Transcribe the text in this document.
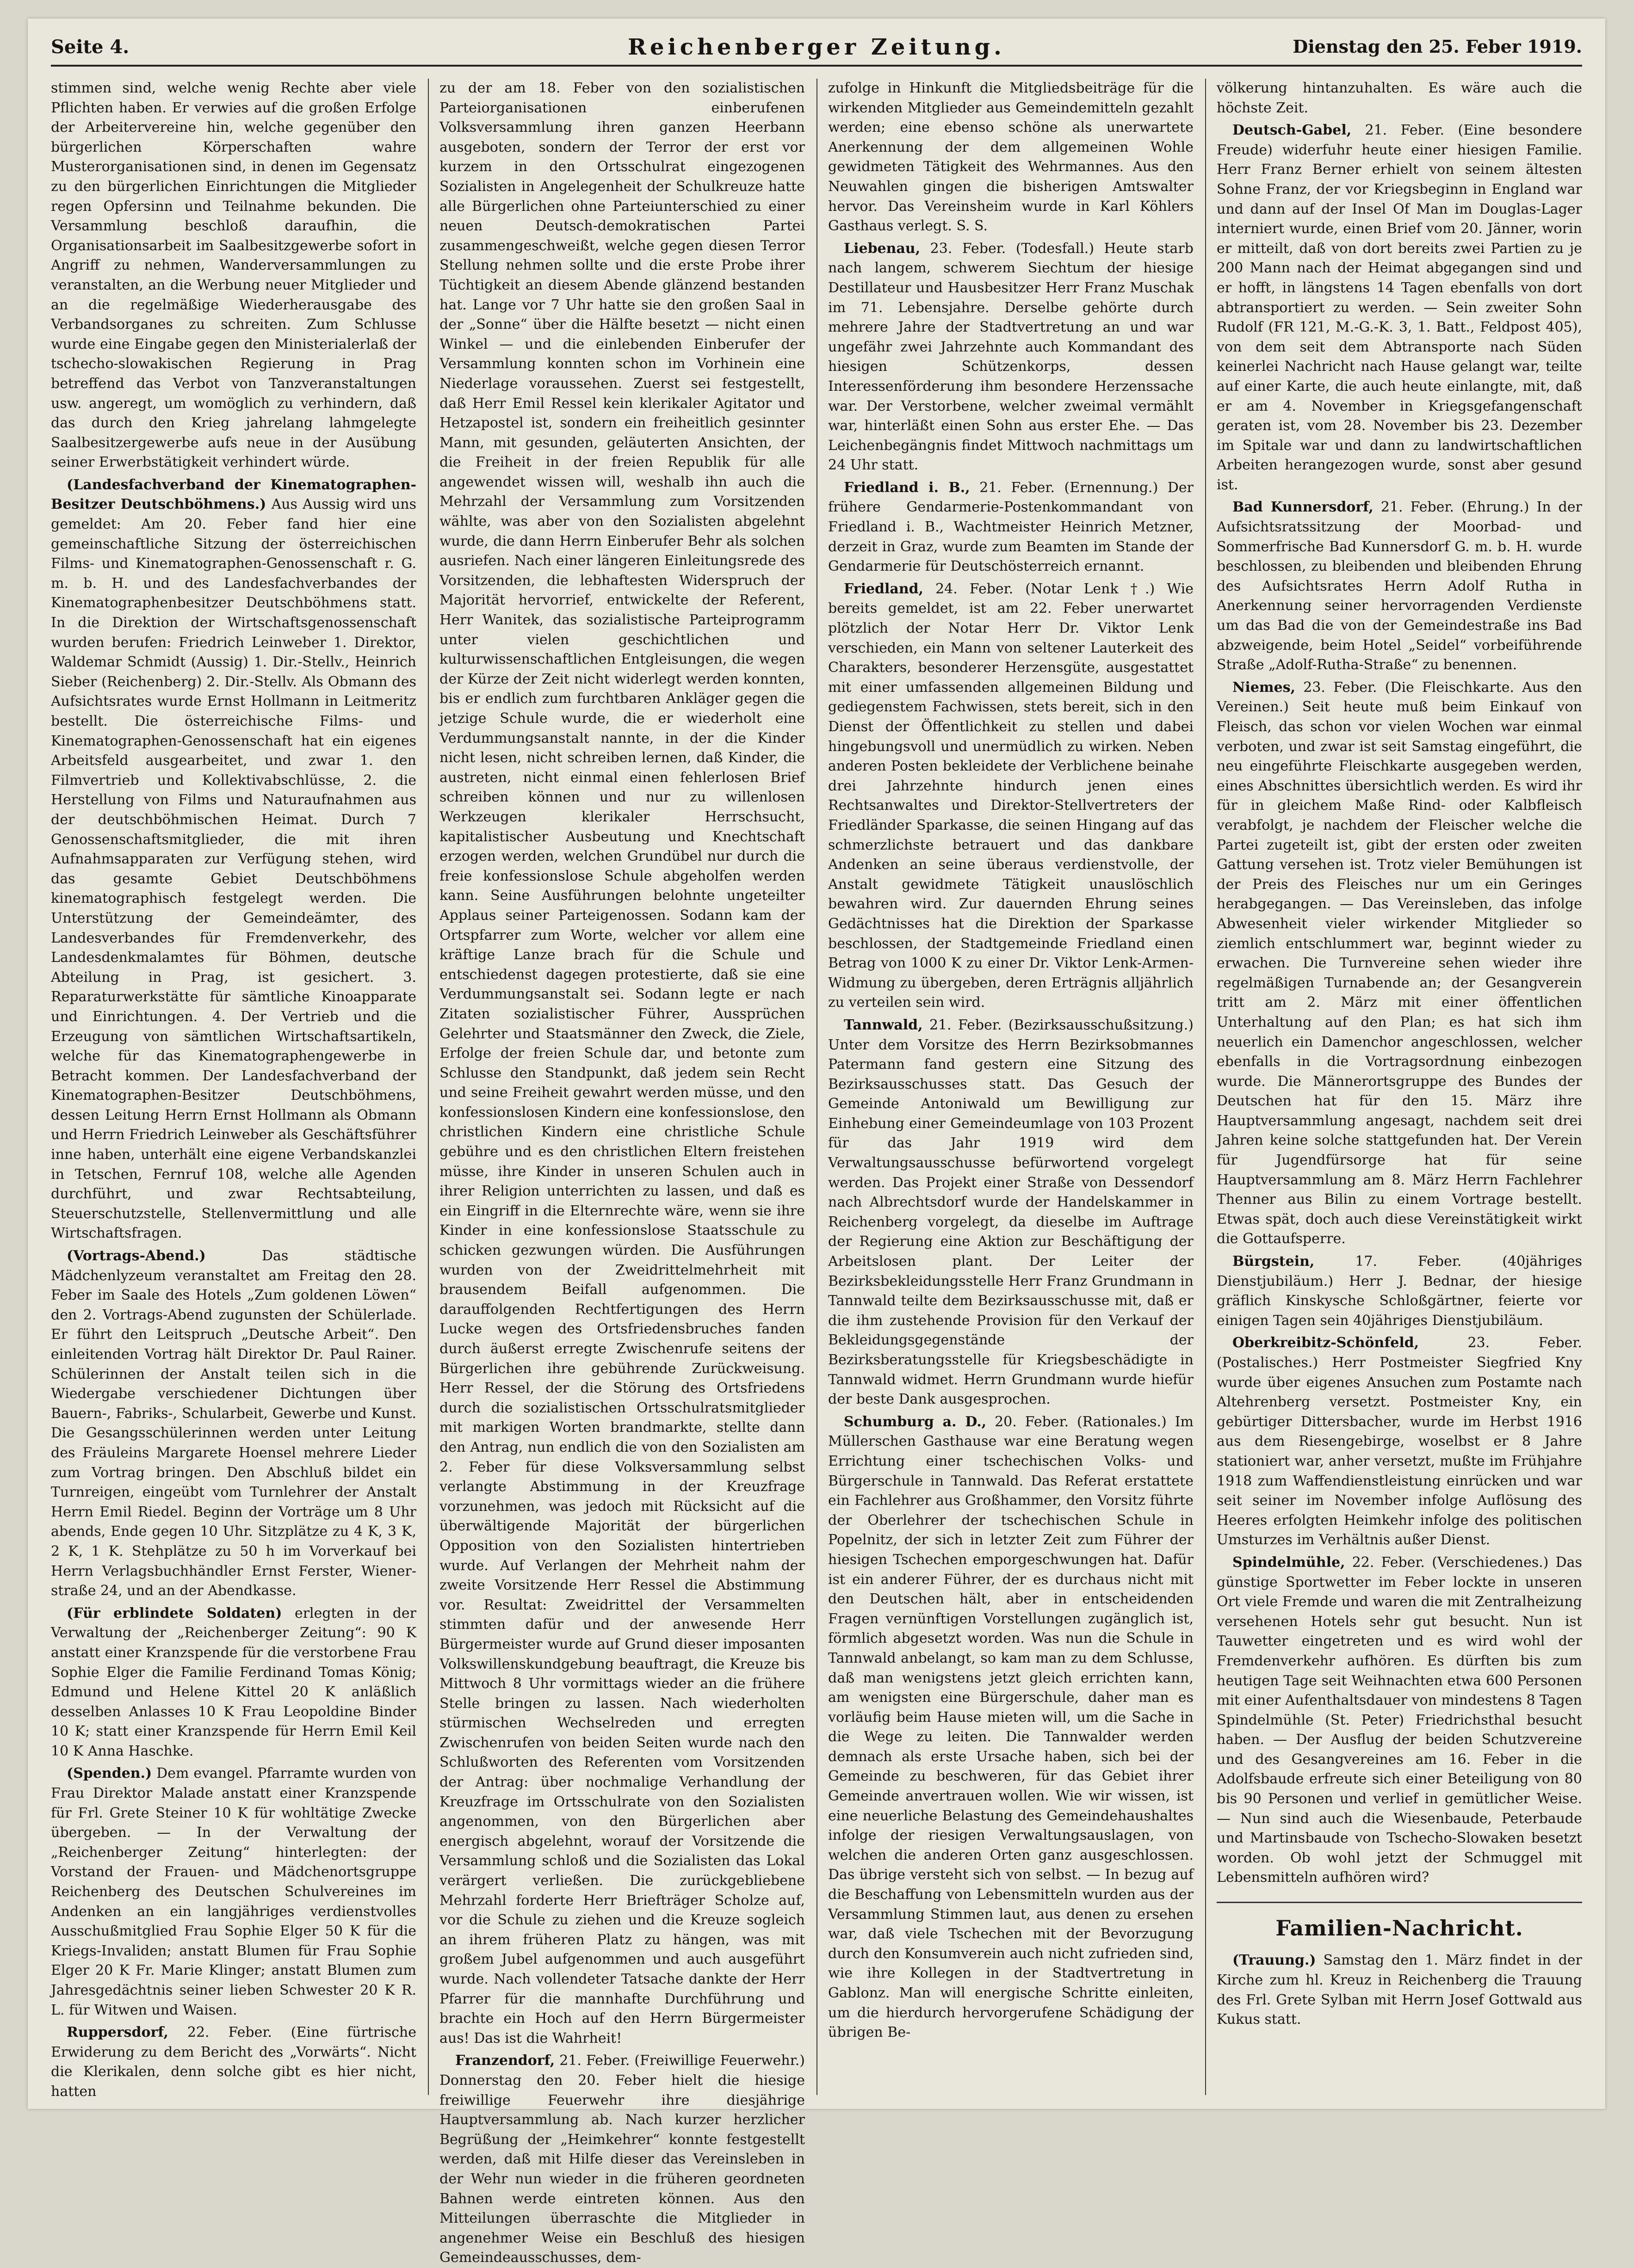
Seite 4.	Reichenberger Zeitung.	Dienstag den 25. Feber 1919.

stimmen sind, welche wenig Rechte aber viele Pflichten haben. Er verwies auf die großen Erfolge der Arbeitervereine hin, welche gegenüber den bürgerlichen Körperschaften wahre Musterorganisationen sind, in denen im Gegensatz zu den bürgerlichen Einrichtungen die Mitglieder regen Opfersinn und Teilnahme bekunden. Die Versammlung beschloß daraufhin, die Organisationsarbeit im Saalbesitzgewerbe sofort in Angriff zu nehmen, Wanderversammlungen zu veranstalten, an die Werbung neuer Mitglieder und an die regelmäßige Wiederherausgabe des Verbandsorganes zu schreiten. Zum Schlusse wurde eine Eingabe gegen den Ministerialerlaß der tschecho-slowakischen Regierung in Prag betreffend das Verbot von Tanzveranstaltungen usw. angeregt, um womöglich zu verhindern, daß das durch den Krieg jahrelang lahmgelegte Saalbesitzergewerbe aufs neue in der Ausübung seiner Erwerbstätigkeit verhindert würde.

(Landesfachverband der Kinematographen-Besitzer Deutschböhmens.) Aus Aussig wird uns gemeldet: Am 20. Feber fand hier eine gemeinschaftliche Sitzung der österreichischen Films- und Kinematographen-Genossenschaft r. G. m. b. H. und des Landesfachverbandes der Kinematographenbesitzer Deutschböhmens statt. In die Direktion der Wirtschaftsgenossenschaft wurden berufen: Friedrich Leinweber 1. Direktor, Waldemar Schmidt (Aussig) 1. Dir.-Stellv., Heinrich Sieber (Reichenberg) 2. Dir.-Stellv. Als Obmann des Aufsichtsrates wurde Ernst Hollmann in Leitmeritz bestellt. Die österreichische Films- und Kinematographen-Genossenschaft hat ein eigenes Arbeitsfeld ausgearbeitet, und zwar 1. den Filmvertrieb und Kollektivabschlüsse, 2. die Herstellung von Films und Naturaufnahmen aus der deutschböhmischen Heimat. Durch 7 Genossenschaftsmitglieder, die mit ihren Aufnahmsapparaten zur Verfügung stehen, wird das gesamte Gebiet Deutschböhmens kinematographisch festgelegt werden. Die Unterstützung der Gemeindeämter, des Landesverbandes für Fremdenverkehr, des Landesdenkmalamtes für Böhmen, deutsche Abteilung in Prag, ist gesichert. 3. Reparaturwerkstätte für sämtliche Kinoapparate und Einrichtungen. 4. Der Vertrieb und die Erzeugung von sämtlichen Wirtschaftsartikeln, welche für das Kinematographengewerbe in Betracht kommen. Der Landesfachverband der Kinematographen-Besitzer Deutschböhmens, dessen Leitung Herrn Ernst Hollmann als Obmann und Herrn Friedrich Leinweber als Geschäftsführer inne haben, unterhält eine eigene Verbandskanzlei in Tetschen, Fernruf 108, welche alle Agenden durchführt, und zwar Rechtsabteilung, Steuerschutzstelle, Stellenvermittlung und alle Wirtschaftsfragen.

(Vortrags-Abend.)	Das städtische Mädchenlyzeum veranstaltet am Freitag den 28. Feber im Saale des Hotels „Zum goldenen Löwen“ den 2. Vortrags-Abend zugunsten der Schülerlade. Er führt den Leitspruch „Deutsche Arbeit“. Den einleitenden Vortrag hält Direktor Dr. Paul Rainer. Schülerinnen der Anstalt teilen sich in die Wiedergabe verschiedener Dichtungen über Bauern-, Fabriks-, Schularbeit, Gewerbe und Kunst. Die Gesangsschülerinnen werden unter Leitung des Fräuleins Margarete Hoensel mehrere Lieder zum Vortrag bringen. Den Abschluß bildet ein Turnreigen, eingeübt vom Turnlehrer der Anstalt Herrn Emil Riedel. Beginn der Vorträge um 8 Uhr abends, Ende gegen 10 Uhr. Sitzplätze zu 4 K, 3 K, 2 K, 1 K. Stehplätze zu 50 h im Vorverkauf bei Herrn Verlagsbuchhändler Ernst Ferster, Wienerstraße 24, und an der Abendkasse.

(Für erblindete Soldaten) erlegten in der Verwaltung der „Reichenberger Zeitung“: 90 K anstatt einer Kranzspende für die verstorbene Frau Sophie Elger die Familie Ferdinand Tomas König; Edmund und Helene Kittel 20 K anläßlich desselben Anlasses 10 K Frau Leopoldine Binder 10 K; statt einer Kranzspende für Herrn Emil Keil 10 K Anna Haschke.

(Spenden.) Dem evangel. Pfarramte wurden von Frau Direktor Malade anstatt einer Kranzspende für Frl. Grete Steiner 10 K für wohltätige Zwecke übergeben. — In der Verwaltung der „Reichenberger Zeitung“ hinterlegten: der Vorstand der Frauen- und Mädchenortsgruppe Reichenberg des Deutschen Schulvereines im Andenken an ein langjähriges verdienstvolles Ausschußmitglied Frau Sophie Elger 50 K für die Kriegs-Invaliden; anstatt Blumen für Frau Sophie Elger 20 K Fr. Marie Klinger; anstatt Blumen zum Jahresgedächtnis seiner lieben Schwester 20 K R. L. für Witwen und Waisen.

Ruppersdorf, 22. Feber. (Eine fürtrische Erwiderung zu dem Bericht des „Vorwärts“. Nicht die Klerikalen, denn solche gibt es hier nicht, hatten

zu der am 18. Feber von den sozialistischen Parteiorganisationen einberufenen Volksversammlung ihren ganzen Heerbann ausgeboten, sondern der Terror der erst vor kurzem in den Ortsschulrat eingezogenen Sozialisten in Angelegenheit der Schulkreuze hatte alle Bürgerlichen ohne Parteiunterschied zu einer neuen Deutsch-demokratischen Partei zusammengeschweißt, welche gegen diesen Terror Stellung nehmen sollte und die erste Probe ihrer Tüchtigkeit an diesem Abende glänzend bestanden hat. Lange vor 7 Uhr hatte sie den großen Saal in der „Sonne“ über die Hälfte besetzt — nicht einen Winkel — und die einlebenden Einberufer der Versammlung konnten schon im Vorhinein eine Niederlage voraussehen. Zuerst sei festgestellt, daß Herr Emil Ressel kein klerikaler Agitator und Hetzapostel ist, sondern ein freiheitlich gesinnter Mann, mit gesunden, geläuterten Ansichten, der die Freiheit in der freien Republik für alle angewendet wissen will, weshalb ihn auch die Mehrzahl der Versammlung zum Vorsitzenden wählte, was aber von den Sozialisten abgelehnt wurde, die dann Herrn Einberufer Behr als solchen ausriefen. Nach einer längeren Einleitungsrede des Vorsitzenden, die lebhaftesten Widerspruch der Majorität hervorrief, entwickelte der Referent, Herr Wanitek, das sozialistische Parteiprogramm unter vielen geschichtlichen und kulturwissenschaftlichen Entgleisungen, die wegen der Kürze der Zeit nicht widerlegt werden konnten, bis er endlich zum furchtbaren Ankläger gegen die jetzige Schule wurde, die er wiederholt eine Verdummungsanstalt nannte, in der die Kinder nicht lesen, nicht schreiben lernen, daß Kinder, die austreten, nicht einmal einen fehlerlosen Brief schreiben können und nur zu willenlosen Werkzeugen klerikaler Herrschsucht, kapitalistischer Ausbeutung und Knechtschaft erzogen werden, welchen Grundübel nur durch die freie konfessionslose Schule abgeholfen werden kann. Seine Ausführungen belohnte ungeteilter Applaus seiner Parteigenossen. Sodann kam der Ortspfarrer zum Worte, welcher vor allem eine kräftige Lanze brach für die Schule und entschiedenst dagegen protestierte, daß sie eine Verdummungsanstalt sei. Sodann legte er nach Zitaten sozialistischer Führer, Aussprüchen Gelehrter und Staatsmänner den Zweck, die Ziele, Erfolge der freien Schule dar, und betonte zum Schlusse den Standpunkt, daß jedem sein Recht und seine Freiheit gewahrt werden müsse, und den konfessionslosen Kindern eine konfessionslose, den christlichen Kindern eine christliche Schule gebühre und es den christlichen Eltern freistehen müsse, ihre Kinder in unseren Schulen auch in ihrer Religion unterrichten zu lassen, und daß es ein Eingriff in die Elternrechte wäre, wenn sie ihre Kinder in eine konfessionslose Staatsschule zu schicken gezwungen würden. Die Ausführungen wurden von der Zweidrittelmehrheit mit brausendem Beifall aufgenommen. Die darauffolgenden Rechtfertigungen des Herrn Lucke wegen des Ortsfriedensbruches fanden durch äußerst erregte Zwischenrufe seitens der Bürgerlichen ihre gebührende Zurückweisung. Herr Ressel, der die Störung des Ortsfriedens durch die sozialistischen Ortsschulratsmitglieder mit markigen Worten brandmarkte, stellte dann den Antrag, nun endlich die von den Sozialisten am 2. Feber für diese Volksversammlung selbst verlangte Abstimmung in der Kreuzfrage vorzunehmen, was jedoch mit Rücksicht auf die überwältigende Majorität der bürgerlichen Opposition von den Sozialisten hintertrieben wurde. Auf Verlangen der Mehrheit nahm der zweite Vorsitzende Herr Ressel die Abstimmung vor. Resultat: Zweidrittel der Versammelten stimmten dafür und der anwesende Herr Bürgermeister wurde auf Grund dieser imposanten Volkswillenskundgebung beauftragt, die Kreuze bis Mittwoch 8 Uhr vormittags wieder an die frühere Stelle bringen zu lassen. Nach wiederholten stürmischen Wechselreden und erregten Zwischenrufen von beiden Seiten wurde nach den Schlußworten des Referenten vom Vorsitzenden der Antrag: über nochmalige Verhandlung der Kreuzfrage im Ortsschulrate von den Sozialisten angenommen, von den Bürgerlichen aber energisch abgelehnt, worauf der Vorsitzende die Versammlung schloß und die Sozialisten das Lokal verärgert verließen. Die zurückgebliebene Mehrzahl forderte Herr Briefträger Scholze auf, vor die Schule zu ziehen und die Kreuze sogleich an ihrem früheren Platz zu hängen, was mit großem Jubel aufgenommen und auch ausgeführt wurde. Nach vollendeter Tatsache dankte der Herr Pfarrer für die mannhafte Durchführung und brachte ein Hoch auf den Herrn Bürgermeister aus! Das ist die Wahrheit!

Franzendorf, 21. Feber. (Freiwillige Feuerwehr.) Donnerstag den 20. Feber hielt die hiesige freiwillige Feuerwehr ihre diesjährige Hauptversammlung ab. Nach kurzer herzlicher Begrüßung der „Heimkehrer“ konnte festgestellt werden, daß mit Hilfe dieser das Vereinsleben in der Wehr nun wieder in die früheren geordneten Bahnen werde eintreten können. Aus den Mitteilungen überraschte die Mitglieder in angenehmer Weise ein Beschluß des hiesigen Gemeindeausschusses, dem-

zufolge in Hinkunft die Mitgliedsbeiträge für die wirkenden Mitglieder aus Gemeindemitteln gezahlt werden; eine ebenso schöne als unerwartete Anerkennung der dem allgemeinen Wohle gewidmeten Tätigkeit des Wehrmannes. Aus den Neuwahlen gingen die bisherigen Amtswalter hervor. Das Vereinsheim wurde in Karl Köhlers Gasthaus verlegt. S. S.

Liebenau, 23. Feber. (Todesfall.) Heute starb nach langem, schwerem Siechtum der hiesige Destillateur und Hausbesitzer Herr Franz Muschak im 71. Lebensjahre. Derselbe gehörte durch mehrere Jahre der Stadtvertretung an und war ungefähr zwei Jahrzehnte auch Kommandant des hiesigen Schützenkorps, dessen Interessenförderung ihm besondere Herzenssache war. Der Verstorbene, welcher zweimal vermählt war, hinterläßt einen Sohn aus erster Ehe. — Das Leichenbegängnis findet Mittwoch nachmittags um 24 Uhr statt.

Friedland i. B., 21. Feber. (Ernennung.) Der frühere Gendarmerie-Postenkommandant von Friedland i. B., Wachtmeister Heinrich Metzner, derzeit in Graz, wurde zum Beamten im Stande der Gendarmerie für Deutschösterreich ernannt.

Friedland, 24. Feber. (Notar Lenk †.) Wie bereits gemeldet, ist am 22. Feber unerwartet plötzlich der Notar Herr Dr. Viktor Lenk verschieden, ein Mann von seltener Lauterkeit des Charakters, besonderer Herzensgüte, ausgestattet mit einer umfassenden allgemeinen Bildung und gediegenstem Fachwissen, stets bereit, sich in den Dienst der Öffentlichkeit zu stellen und dabei hingebungsvoll und unermüdlich zu wirken. Neben anderen Posten bekleidete der Verblichene beinahe drei Jahrzehnte hindurch jenen eines Rechtsanwaltes und Direktor-Stellvertreters der Friedländer Sparkasse, die seinen Hingang auf das schmerzlichste betrauert und das dankbare Andenken an seine überaus verdienstvolle, der Anstalt gewidmete Tätigkeit unauslöschlich bewahren wird. Zur dauernden Ehrung seines Gedächtnisses hat die Direktion der Sparkasse beschlossen, der Stadtgemeinde Friedland einen Betrag von 1000 K zu einer Dr. Viktor Lenk-Armen-Widmung zu übergeben, deren Erträgnis alljährlich zu verteilen sein wird.

Tannwald, 21. Feber. (Bezirksausschußsitzung.) Unter dem Vorsitze des Herrn Bezirksobmannes Patermann fand gestern eine Sitzung des Bezirksausschusses statt. Das Gesuch der Gemeinde Antoniwald um Bewilligung zur Einhebung einer Gemeindeumlage von 103 Prozent für das Jahr 1919 wird dem Verwaltungsausschusse befürwortend vorgelegt werden. Das Projekt einer Straße von Dessendorf nach Albrechtsdorf wurde der Handelskammer in Reichenberg vorgelegt, da dieselbe im Auftrage der Regierung eine Aktion zur Beschäftigung der Arbeitslosen plant. Der Leiter der Bezirksbekleidungsstelle Herr Franz Grundmann in Tannwald teilte dem Bezirksausschusse mit, daß er die ihm zustehende Provision für den Verkauf der Bekleidungsgegenstände der Bezirksberatungsstelle für Kriegsbeschädigte in Tannwald widmet. Herrn Grundmann wurde hiefür der beste Dank ausgesprochen.

Schumburg a. D., 20. Feber. (Rationales.) Im Müllerschen Gasthause war eine Beratung wegen Errichtung einer tschechischen Volks- und Bürgerschule in Tannwald. Das Referat erstattete ein Fachlehrer aus Großhammer, den Vorsitz führte der Oberlehrer der tschechischen Schule in Popelnitz, der sich in letzter Zeit zum Führer der hiesigen Tschechen emporgeschwungen hat. Dafür ist ein anderer Führer, der es durchaus nicht mit den Deutschen hält, aber in entscheidenden Fragen vernünftigen Vorstellungen zugänglich ist, förmlich abgesetzt worden. Was nun die Schule in Tannwald anbelangt, so kam man zu dem Schlusse, daß man wenigstens jetzt gleich errichten kann, am wenigsten eine Bürgerschule, daher man es vorläufig beim Hause mieten will, um die Sache in die Wege zu leiten. Die Tannwalder werden demnach als erste Ursache haben, sich bei der Gemeinde zu beschweren, für das Gebiet ihrer Gemeinde anvertrauen wollen. Wie wir wissen, ist eine neuerliche Belastung des Gemeindehaushaltes infolge der riesigen Verwaltungsauslagen, von welchen die anderen Orten ganz ausgeschlossen. Das übrige versteht sich von selbst. — In bezug auf die Beschaffung von Lebensmitteln wurden aus der Versammlung Stimmen laut, aus denen zu ersehen war, daß viele Tschechen mit der Bevorzugung durch den Konsumverein auch nicht zufrieden sind, wie ihre Kollegen in der Stadtvertretung in Gablonz. Man will energische Schritte einleiten, um die hierdurch hervorgerufene Schädigung der übrigen Be-

völkerung hintanzuhalten. Es wäre auch die höchste Zeit.

Deutsch-Gabel, 21. Feber. (Eine besondere Freude) widerfuhr heute einer hiesigen Familie. Herr Franz Berner erhielt von seinem ältesten Sohne Franz, der vor Kriegsbeginn in England war und dann auf der Insel Of Man im Douglas-Lager interniert wurde, einen Brief vom 20. Jänner, worin er mitteilt, daß von dort bereits zwei Partien zu je 200 Mann nach der Heimat abgegangen sind und er hofft, in längstens 14 Tagen ebenfalls von dort abtransportiert zu werden. — Sein zweiter Sohn Rudolf (FR 121, M.-G.-K. 3, 1. Batt., Feldpost 405), von dem seit dem Abtransporte nach Süden keinerlei Nachricht nach Hause gelangt war, teilte auf einer Karte, die auch heute einlangte, mit, daß er am 4. November in Kriegsgefangenschaft geraten ist, vom 28. November bis 23. Dezember im Spitale war und dann zu landwirtschaftlichen Arbeiten herangezogen wurde, sonst aber gesund ist.

Bad Kunnersdorf, 21. Feber. (Ehrung.) In der Aufsichtsratssitzung der Moorbad- und Sommerfrische Bad Kunnersdorf G. m. b. H. wurde beschlossen, zu bleibenden und bleibenden Ehrung des Aufsichtsrates Herrn Adolf Rutha in Anerkennung seiner hervorragenden Verdienste um das Bad die von der Gemeindestraße ins Bad abzweigende, beim Hotel „Seidel“ vorbeiführende Straße „Adolf-Rutha-Straße“ zu benennen.

Niemes, 23. Feber. (Die Fleischkarte. Aus den Vereinen.) Seit heute muß beim Einkauf von Fleisch, das schon vor vielen Wochen war einmal verboten, und zwar ist seit Samstag eingeführt, die neu eingeführte Fleischkarte ausgegeben werden, eines Abschnittes übersichtlich werden. Es wird ihr für in gleichem Maße Rind- oder Kalbfleisch verabfolgt, je nachdem der Fleischer welche die Partei zugeteilt ist, gibt der ersten oder zweiten Gattung versehen ist. Trotz vieler Bemühungen ist der Preis des Fleisches nur um ein Geringes herabgegangen. — Das Vereinsleben, das infolge Abwesenheit vieler wirkender Mitglieder so ziemlich entschlummert war, beginnt wieder zu erwachen. Die Turnvereine sehen wieder ihre regelmäßigen Turnabende an; der Gesangverein tritt am 2. März mit einer öffentlichen Unterhaltung auf den Plan; es hat sich ihm neuerlich ein Damenchor angeschlossen, welcher ebenfalls in die Vortragsordnung einbezogen wurde. Die Männerortsgruppe des Bundes der Deutschen hat für den 15. März ihre Hauptversammlung angesagt, nachdem seit drei Jahren keine solche stattgefunden hat. Der Verein für Jugendfürsorge hat für seine Hauptversammlung am 8. März Herrn Fachlehrer Thenner aus Bilin zu einem Vortrage bestellt. Etwas spät, doch auch diese Vereinstätigkeit wirkt die Gottaufsperre.

Bürgstein,	17. Feber. (40jähriges Dienstjubiläum.) Herr J. Bednar, der hiesige gräflich Kinskysche Schloßgärtner, feierte vor einigen Tagen sein 40jähriges Dienstjubiläum.

Oberkreibitz-Schönfeld,	23. Feber. (Postalisches.) Herr Postmeister Siegfried Kny wurde über eigenes Ansuchen zum Postamte nach Altehrenberg versetzt. Postmeister Kny, ein gebürtiger Dittersbacher, wurde im Herbst 1916 aus dem Riesengebirge, woselbst er 8 Jahre stationiert war, anher versetzt, mußte im Frühjahre 1918 zum Waffendienstleistung einrücken und war seit seiner im November infolge Auflösung des Heeres erfolgten Heimkehr infolge des politischen Umsturzes im Verhältnis außer Dienst.

Spindelmühle, 22. Feber. (Verschiedenes.) Das günstige Sportwetter im Feber lockte in unseren Ort viele Fremde und waren die mit Zentralheizung versehenen Hotels sehr gut besucht. Nun ist Tauwetter eingetreten und es wird wohl der Fremdenverkehr aufhören. Es dürften bis zum heutigen Tage seit Weihnachten etwa 600 Personen mit einer Aufenthaltsdauer von mindestens 8 Tagen Spindelmühle (St. Peter) Friedrichsthal besucht haben. — Der Ausflug der beiden Schutzvereine und des Gesangvereines am 16. Feber in die Adolfsbaude erfreute sich einer Beteiligung von 80 bis 90 Personen und verlief in gemütlicher Weise. — Nun sind auch die Wiesenbaude, Peterbaude und Martinsbaude von Tschecho-Slowaken besetzt worden. Ob wohl jetzt der Schmuggel mit Lebensmitteln aufhören wird?

Familien-Nachricht.

(Trauung.) Samstag den 1. März findet in der Kirche zum hl. Kreuz in Reichenberg die Trauung des Frl. Grete Sylban mit Herrn Josef Gottwald aus Kukus statt.
